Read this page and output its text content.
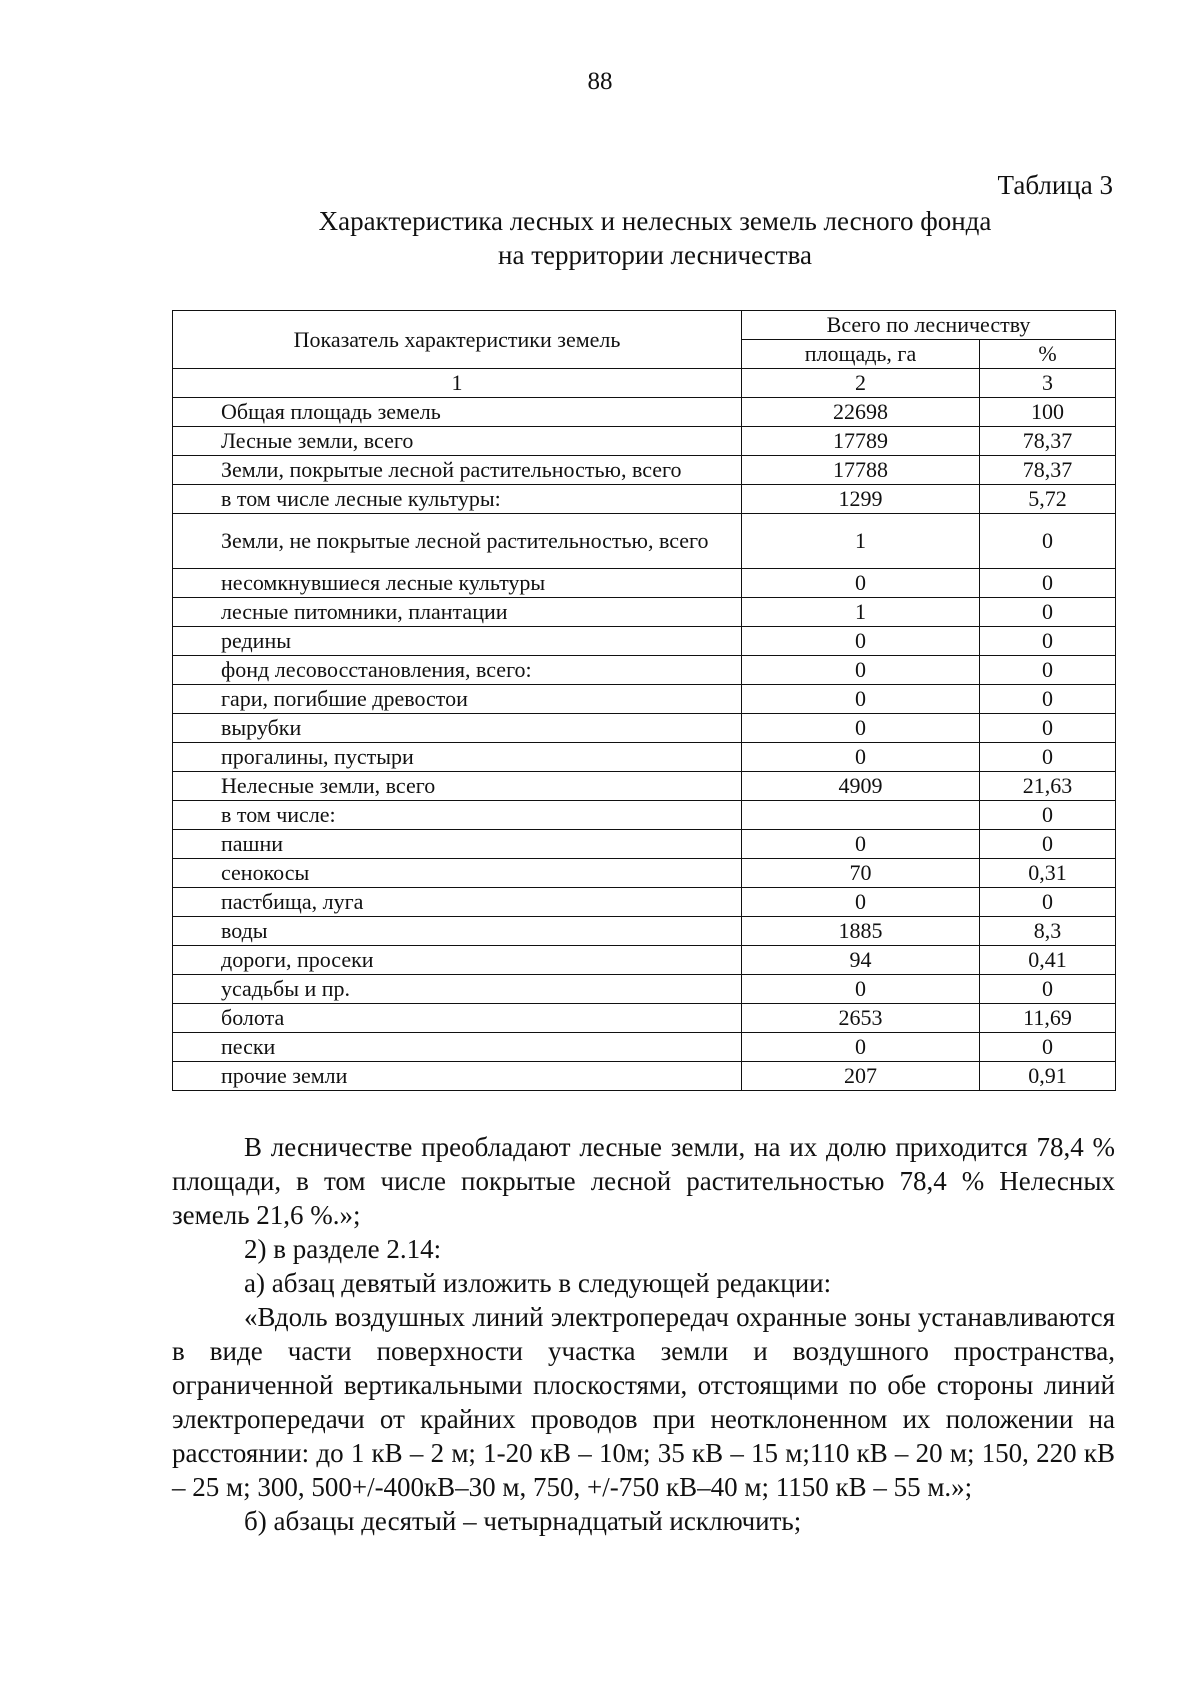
88
Таблица 3
Характеристика лесных и нелесных земель лесного фонда
на территории лесничества
Показатель характеристики земель	Всего по лесничеству	
	площадь, га	%
1	2	3
Общая площадь земель	22698	100
Лесные земли, всего	17789	78,37
Земли, покрытые лесной растительностью, всего	17788	78,37
в том числе лесные культуры:	1299	5,72
Земли, не покрытые лесной растительностью, всего	1	0
несомкнувшиеся лесные культуры	0	0
лесные питомники, плантации	1	0
редины	0	0
фонд лесовосстановления, всего:	0	0
гари, погибшие древостои	0	0
вырубки	0	0
прогалины, пустыри	0	0
Нелесные земли, всего	4909	21,63
в том числе:		0
пашни	0	0
сенокосы	70	0,31
пастбища, луга	0	0
воды	1885	8,3
дороги, просеки	94	0,41
усадьбы и пр.	0	0
болота	2653	11,69
пески	0	0
прочие земли	207	0,91

В лесничестве преобладают лесные земли, на их долю приходится 78,4 % площади, в том числе покрытые лесной растительностью 78,4 % Нелесных земель 21,6 %.»;

2) в разделе 2.14:

а) абзац девятый изложить в следующей редакции:

«Вдоль воздушных линий электропередач охранные зоны устанавливаются в виде части поверхности участка земли и воздушного пространства, ограниченной вертикальными плоскостями, отстоящими по обе стороны линий электропередачи от крайних проводов при неотклоненном их положении на расстоянии: до 1 кВ – 2 м; 1-20 кВ – 10м; 35 кВ – 15 м;110 кВ – 20 м; 150, 220 кВ – 25 м; 300, 500+/-400кВ–30 м, 750, +/-750 кВ–40 м; 1150 кВ – 55 м.»;

б) абзацы десятый – четырнадцатый исключить;
